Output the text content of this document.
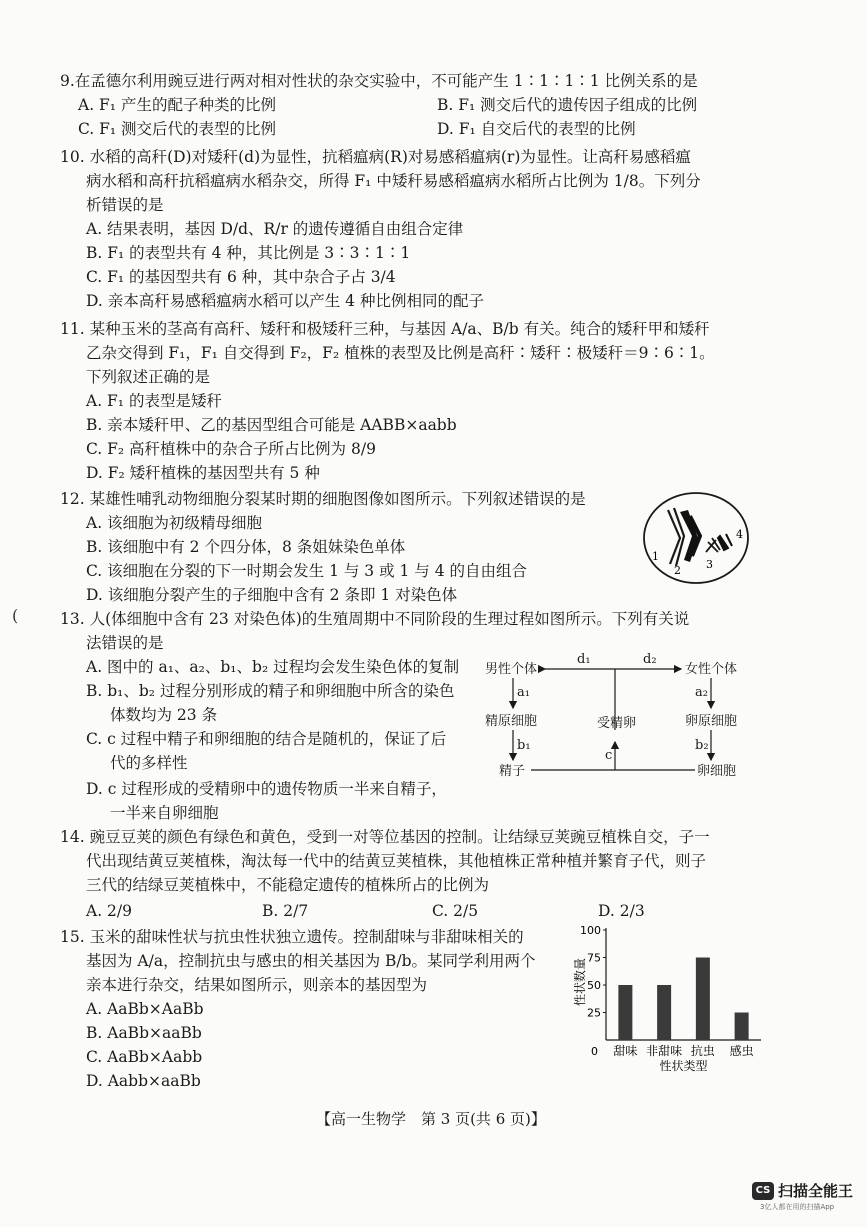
9.在孟德尔利用豌豆进行两对相对性状的杂交实验中，不可能产生 1∶1∶1∶1 比例关系的是
A. F₁ 产生的配子种类的比例	B. F₁ 测交后代的遗传因子组成的比例
C. F₁ 测交后代的表型的比例	D. F₁ 自交后代的表型的比例
10. 水稻的高秆(D)对矮秆(d)为显性，抗稻瘟病(R)对易感稻瘟病(r)为显性。让高秆易感稻瘟
病水稻和高秆抗稻瘟病水稻杂交，所得 F₁ 中矮秆易感稻瘟病水稻所占比例为 1/8。下列分
析错误的是
A. 结果表明，基因 D/d、R/r 的遗传遵循自由组合定律
B. F₁ 的表型共有 4 种，其比例是 3∶3∶1∶1
C. F₁ 的基因型共有 6 种，其中杂合子占 3/4
D. 亲本高秆易感稻瘟病水稻可以产生 4 种比例相同的配子
11. 某种玉米的茎高有高秆、矮秆和极矮秆三种，与基因 A/a、B/b 有关。纯合的矮秆甲和矮秆
乙杂交得到 F₁，F₁ 自交得到 F₂，F₂ 植株的表型及比例是高秆∶矮秆∶极矮秆＝9∶6∶1。
下列叙述正确的是
A. F₁ 的表型是矮秆
B. 亲本矮秆甲、乙的基因型组合可能是 AABB×aabb
C. F₂ 高秆植株中的杂合子所占比例为 8/9
D. F₂ 矮秆植株的基因型共有 5 种
12. 某雄性哺乳动物细胞分裂某时期的细胞图像如图所示。下列叙述错误的是
A. 该细胞为初级精母细胞
B. 该细胞中有 2 个四分体，8 条姐妹染色单体
C. 该细胞在分裂的下一时期会发生 1 与 3 或 1 与 4 的自由组合
D. 该细胞分裂产生的子细胞中含有 2 条即 1 对染色体
1
2 3
4
(	13. 人(体细胞中含有 23 对染色体)的生殖周期中不同阶段的生理过程如图所示。下列有关说
法错误的是
A. 图中的 a₁、a₂、b₁、b₂ 过程均会发生染色体的复制
B. b₁、b₂ 过程分别形成的精子和卵细胞中所含的染色
体数均为 23 条
C. c 过程中精子和卵细胞的结合是随机的，保证了后
代的多样性
D. c 过程形成的受精卵中的遗传物质一半来自精子，
一半来自卵细胞
男性个体	女性个体
d₁	d₂
a₁	a₂
精原细胞	受精卵	卵原细胞
b₁	b₂
c
精子	卵细胞
14. 豌豆豆荚的颜色有绿色和黄色，受到一对等位基因的控制。让结绿豆荚豌豆植株自交，子一
代出现结黄豆荚植株，淘汰每一代中的结黄豆荚植株，其他植株正常种植并繁育子代，则子
三代的结绿豆荚植株中，不能稳定遗传的植株所占的比例为
A. 2/9	B. 2/7	C. 2/5	D. 2/3
15. 玉米的甜味性状与抗虫性状独立遗传。控制甜味与非甜味相关的
基因为 A/a，控制抗虫与感虫的相关基因为 B/b。某同学利用两个
亲本进行杂交，结果如图所示，则亲本的基因型为
A. AaBb×AaBb
B. AaBb×aaBb
C. AaBb×Aabb
D. Aabb×aaBb
0
25
50
75
100
甜味 非甜味 抗虫 感虫
性状数量
性状类型
【高一生物学　第 3 页(共 6 页)】
CS 扫描全能王
3亿人都在用的扫描App
